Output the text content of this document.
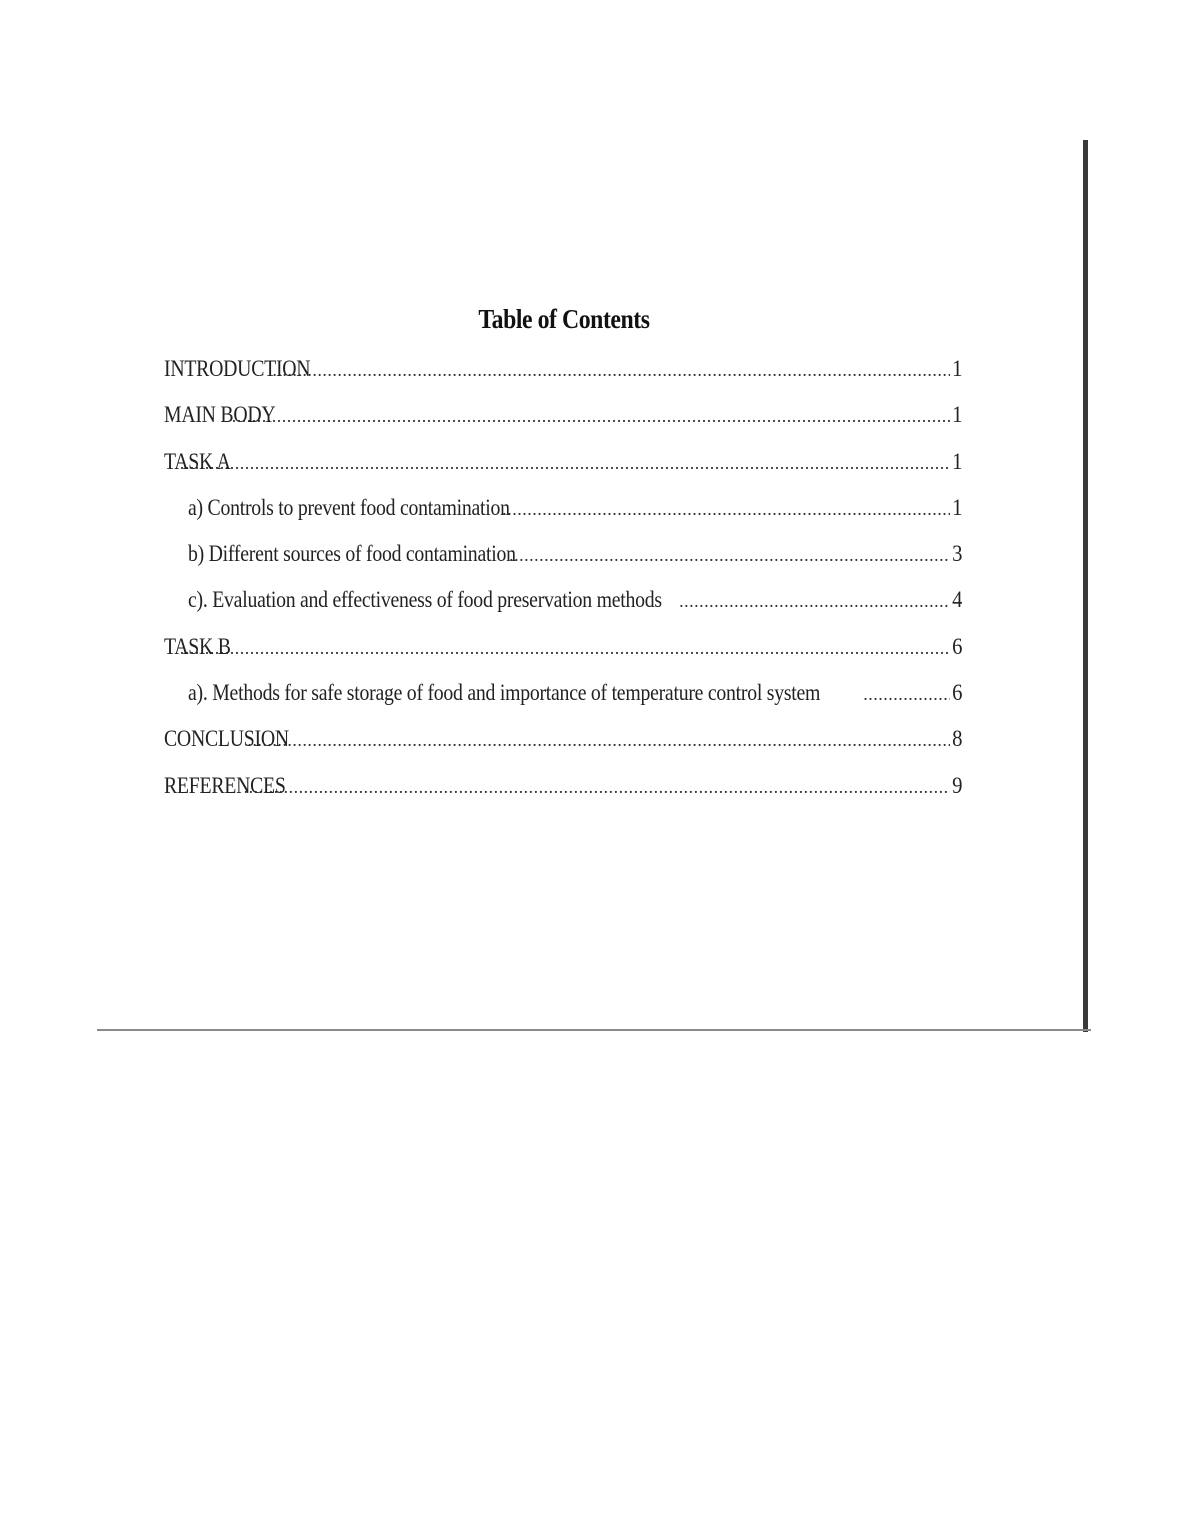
Table of Contents
INTRODUCTION .....	1
MAIN BODY .....	1
TASK A .....	1
a) Controls to prevent food contamination .....	1
b) Different sources of food contamination .....	3
c). Evaluation and effectiveness of food preservation methods .....	4
TASK B .....	6
a). Methods for safe storage of food and importance of temperature control system .....	6
CONCLUSION .....	8
REFERENCES .....	9
